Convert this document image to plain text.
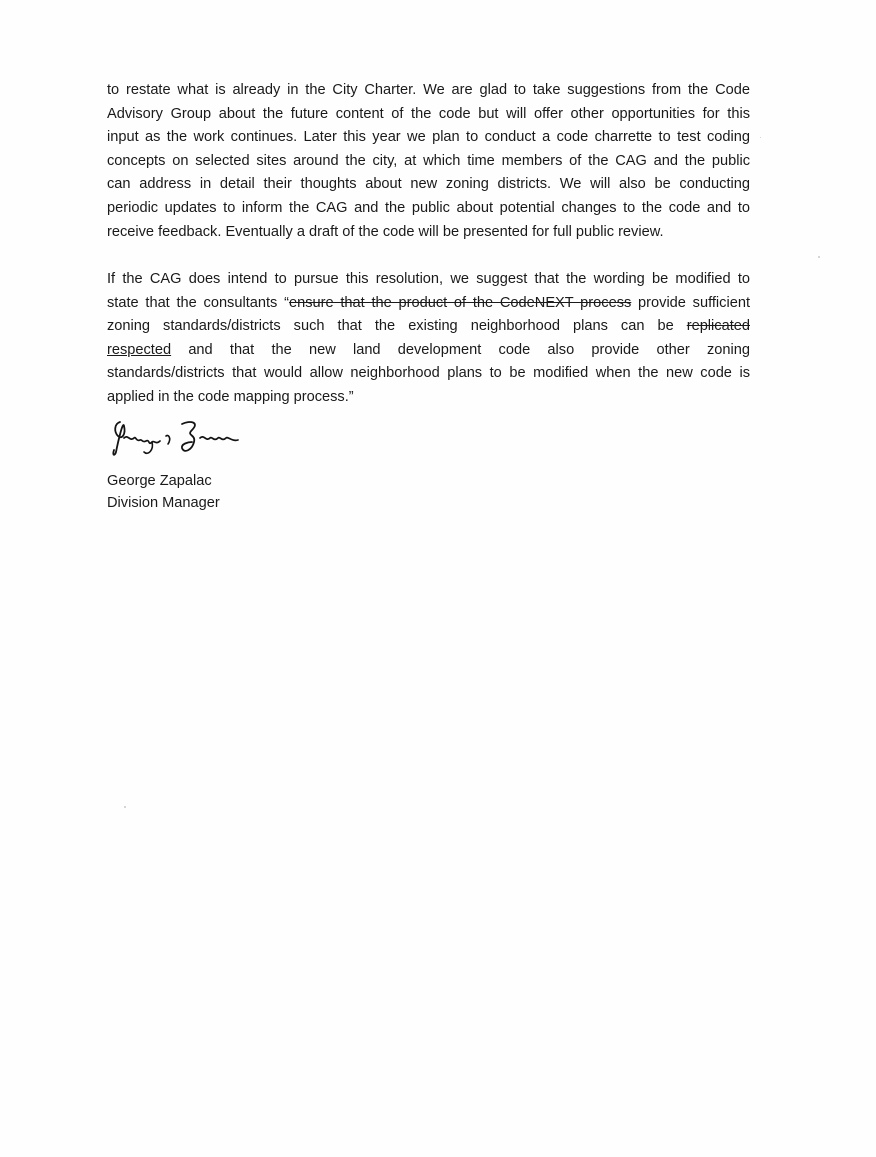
to restate what is already in the City Charter. We are glad to take suggestions from the Code
Advisory Group about the future content of the code but will offer other opportunities for this
input as the work continues. Later this year we plan to conduct a code charrette to test coding
concepts on selected sites around the city, at which time members of the CAG and the public
can address in detail their thoughts about new zoning districts. We will also be conducting
periodic updates to inform the CAG and the public about potential changes to the code and to
receive feedback. Eventually a draft of the code will be presented for full public review.

If the CAG does intend to pursue this resolution, we suggest that the wording be modified to
state that the consultants “ensure that the product of the CodeNEXT process provide sufficient
zoning standards/districts such that the existing neighborhood plans can be replicated
respected and that the new land development code also provide other zoning
standards/districts that would allow neighborhood plans to be modified when the new code is
applied in the code mapping process.”

George Zapalac
Division Manager
